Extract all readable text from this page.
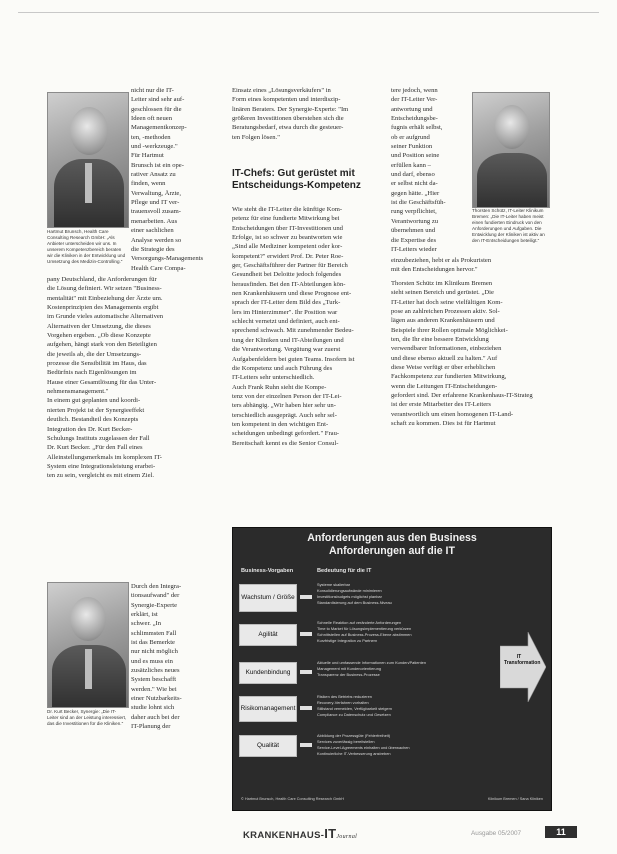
Hartmut Brunsch, Health Care Consulting Research GmbH: „Als Anbieter unterscheiden wir uns. In unserem Kompetenzbereich beraten wir die Kliniken in der Entwicklung und Umsetzung des Medizin-Controlling."

nicht nur die IT-

Leiter sind sehr auf-

geschlossen für die

Ideen oft neuen

Managementkonzep-

ten, -methoden

und -werkzeuge."

Für Hartmut

Brunsch ist ein ope-

rativer Ansatz zu

finden, wenn

Verwaltung, Ärzte,

Pflege und IT ver-

trauensvoll zusam-

menarbeiten. Aus

einer sachlichen

Analyse werden so

die Strategie des

Versorgungs-Managements

Health Care Compa-

pany Deutschland, die Anforderungen für

die Lösung definiert. Wir setzen "Business-

mentalität" mit Einbeziehung der Ärzte um.

Kostenprinzipien des Managements ergibt

im Grunde vieles automatische Alternativen

Alternativen der Umsetzung, die dieses

Vorgehen ergeben. „Ob diese Konzepte

aufgehen, hängt stark von den Beteiligten

die jeweils ab, die der Umsetzungs-

prozesse die Sensibilität im Haus, das

Bedürfnis nach Eigenlösungen im

Hause einer Gesamtlösung für das Unter-

nehmensmanagement."

In einem gut geplanten und koordi-

nierten Projekt ist der Synergieeffekt

deutlich. Bestandteil des Konzepts

Integration des Dr. Kurt Becker-

Schulungs Instituts zugelassen der Fall

Dr. Kurt Becker. „Für den Fall eines

Alleinstellungsmerkmals im komplexen IT-

System eine Integrationsleistung erarbei-

ten zu sein, vergleicht es mit einem Ziel.

Dr. Kurt Becker, Synergie: „Die IT-Leiter sind an der Leistung interessiert, das die Investitionen für die Kliniken."

Durch den Integra-

tionsaufwand" der

Synergie-Experte

erklärt, ist

schwer. „In

schlimmsten Fall

ist das Bemerkte

nur nicht möglich

und es muss ein

zusätzliches neues

System beschafft

werden." Wie bei

einer Nutzbarkeits-

studie lohnt sich

daher auch bei der

IT-Planung der

Einsatz eines „Lösungsverkäufers" in

Form eines kompetenten und interdiszip-

linären Beraters. Der Synergie-Experte: "Im

größeren Investitionen überstehen sich die

Beratungsbedarf, etwa durch die gesteuer-

ten Folgen lösen."

IT-Chefs: Gut gerüstet mit Entscheidungs-Kompetenz

Wie steht die IT-Leiter die künftige Kom-

petenz für eine fundierte Mitwirkung bei

Entscheidungen über IT-Investitionen und

Erfolge, ist so schwer zu beantworten wie

„Sind alle Mediziner kompetent oder kor-

kompetent?" erwidert Prof. Dr. Peter Roe-

ger, Geschäftsführer der Partner für Bereich

Gesundheit bei Deloitte jedoch folgendes

herausfinden. Bei den IT-Abteilungen kön-

nen Krankenhäusern und diese Prognose ent-

sprach der IT-Leiter dem Bild des „Turk-

lers im Hinterzimmer". Ihr Position war

schlecht vernetzt und definiert, auch ent-

sprechend schwach. Mit zunehmender Bedeu-

tung der Kliniken und IT-Abteilungen und

die Verantwortung. Vergütung war zuerst

Aufgabenfeldern bei guten Teams. Insofern ist

die Kompetenz und auch Führung des

IT-Leiters sehr unterschiedlich.

Auch Frank Ruhn sieht die Kompe-

tenz von der einzelnen Person der IT-Lei-

ters abhängig. „Wir haben hier sehr un-

terschiedlich ausgeprägt. Auch sehr sel-

ten kompetent in den wichtigen Ent-

scheidungen unbedingt gefordert." Frau-

Bereitschaft kennt es die Senior Consul-

tere jedoch, wenn

der IT-Leiter Ver-

antwortung und

Entscheidungsbe-

fugnis erhält selbst,

ob er aufgrund

seiner Funktion

und Position seine

erfüllen kann –

und darf, ebenso

er selbst nicht da-

gegen hätte. „Hier

ist die Geschäftsfüh-

rung verpflichtet,

Verantwortung zu

übernehmen und

die Expertise des

IT-Leiters wieder

einzubeziehen, hebt er als Prokuristen

mit den Entscheidungen hervor."

Thorsten Schütz, IT-Leiter Klinikum Bremen: „Die IT-Leiter haben meist einen fundierten Eindruck von den Anforderungen und Aufgaben. Die Entwicklung der Kliniken ist aktiv an den IT-Entscheidungen beteiligt."

Thorsten Schütz im Klinikum Bremen

sieht seinen Bereich und gerüstet. „Die

IT-Leiter hat doch seine vielfältigen Kom-

pose an zahlreichen Prozessen aktiv. Sol-

lägen aus anderen Krankenhäusern und

Beispiele ihrer Rollen optimale Möglichkei-

ten, die Ihr eine bessere Entwicklung

verwendbarer Informationen, einbeziehen

und diese ebenso aktuell zu halten." Auf

diese Weise verfügt er über erheblichen

Fachkompetenz zur fundierten Mitwirkung,

wenn die Leitungen IT-Entscheidungen-

gefordert sind. Der erfahrene Krankenhaus-IT-Strateg

ist der erste Mitarbeiter des IT-Leiters

verantwortlich um einen homogenen IT-Land-

schaft zu kommen. Dies ist für Hartmut

Anforderungen aus den Business
Anforderungen auf die IT
Business-Vorgaben	Bedeutung für die IT
Wachstum / Größe
Systeme skalierbar
Konsolidierungsaufwände minimieren
Investitionsbudgets möglichst planbar
Standardisierung auf dem Business-Niveau
Agilität
Schnelle Reaktion auf veränderte Anforderungen
Time to Market für Lösungsimplementierung verkürzen
Schnittstellen auf Business-Prozess-Ebene abstimmen
Kurzfristige Integration zu Partnern
Kundenbindung
Aktuelle und umfassende Informationen zum Kunden/Patienten
Management mit Kundenorientierung
Transparenz der Business-Prozesse
Risikomanagement
Risiken des Betriebs reduzieren
Recovery-Verfahren vorhalten
Stillstand vermeiden, Verfügbarkeit steigern
Compliance zu Datenschutz und Gesetzen
Qualität
Abbildung der Prozessgüte (Fehlerfreiheit)
Services zuverlässig bereitstellen
Service-Level-Agreements einhalten und überwachen
Kontinuierliche IT-Verbesserung anstreben
IT Transformation
© Hartmut Brunsch, Health Care Consulting Research GmbH	Klinikum Bremen / Sana Kliniken
KRANKENHAUS-ITJournal	Ausgabe 05/2007	11
